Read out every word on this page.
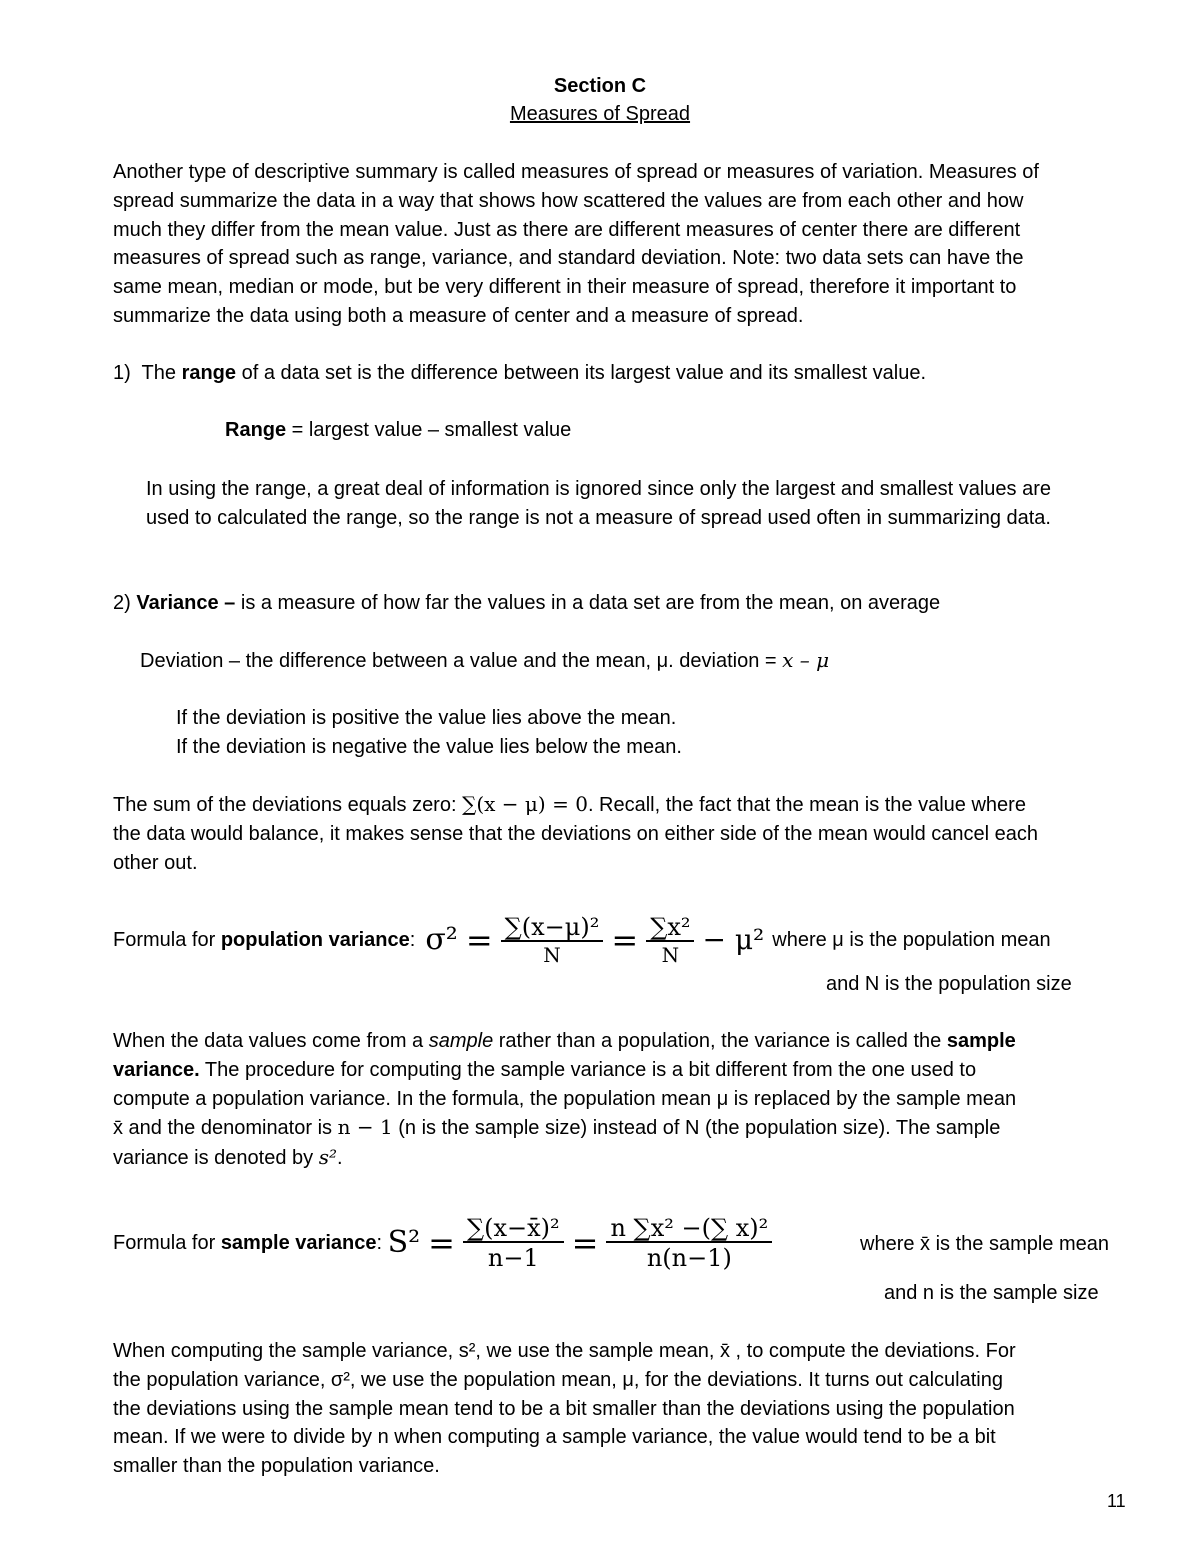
Section C
Measures of Spread
Another type of descriptive summary is called measures of spread or measures of variation. Measures of
spread summarize the data in a way that shows how scattered the values are from each other and how
much they differ from the mean value. Just as there are different measures of center there are different
measures of spread such as range, variance, and standard deviation. Note: two data sets can have the
same mean, median or mode, but be very different in their measure of spread, therefore it important to
summarize the data using both a measure of center and a measure of spread.
1)  The range of a data set is the difference between its largest value and its smallest value.
Range = largest value – smallest value
In using the range, a great deal of information is ignored since only the largest and smallest values are
used to calculated the range, so the range is not a measure of spread used often in summarizing data.
2) Variance – is a measure of how far the values in a data set are from the mean, on average
Deviation – the difference between a value and the mean, μ. deviation = x – μ
If the deviation is positive the value lies above the mean.
If the deviation is negative the value lies below the mean.
The sum of the deviations equals zero: ∑(x − μ) = 0. Recall, the fact that the mean is the value where
the data would balance, it makes sense that the deviations on either side of the mean would cancel each
other out.
Formula for population variance: $\sigma^2 = \frac{\text{∑(x−μ)²}}{N} = \frac{\text{∑x²}}{N} - \mu^2$ where μ is the population mean
and N is the population size
When the data values come from a sample rather than a population, the variance is called the sample
variance. The procedure for computing the sample variance is a bit different from the one used to
compute a population variance. In the formula, the population mean μ is replaced by the sample mean
x̄ and the denominator is n − 1 (n is the sample size) instead of N (the population size). The sample
variance is denoted by s².
Formula for sample variance: $S^2 = \frac{\text{∑(x−x̄)²}}{n-1} = \frac{\text{n ∑x² −(∑ x)²}}{n(n-1)}$	where x̄ is the sample mean
and n is the sample size
When computing the sample variance, s², we use the sample mean, x̄ , to compute the deviations. For
the population variance, σ², we use the population mean, μ, for the deviations. It turns out calculating
the deviations using the sample mean tend to be a bit smaller than the deviations using the population
mean. If we were to divide by n when computing a sample variance, the value would tend to be a bit
smaller than the population variance.
11
